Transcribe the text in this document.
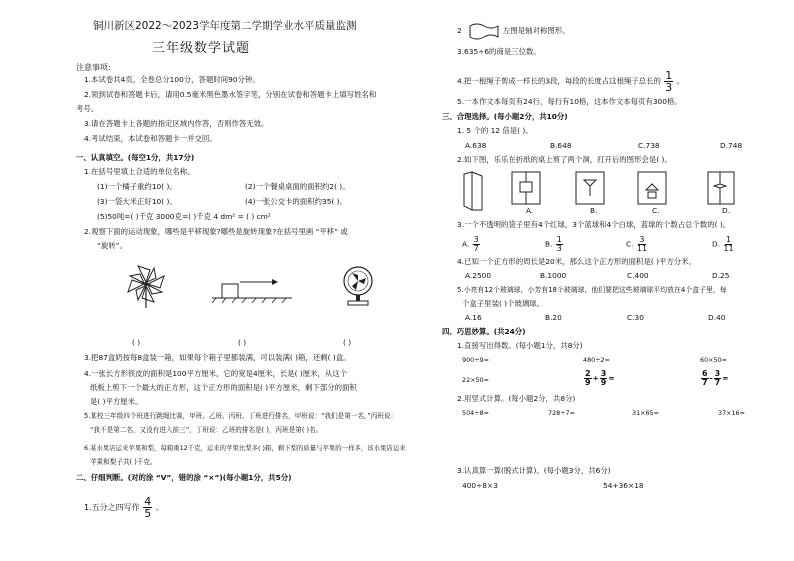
铜川新区2022～2023学年度第二学期学业水平质量监测
三年级数学试题
注意事项:
1.本试卷共4页，全卷总分100分，答题时间90分钟。
2.领到试卷和答题卡后，请用0.5毫米黑色墨水签字笔，分别在试卷和答题卡上填写姓名和
考号。
3.请在答题卡上各题的指定区域内作答，否则作答无效。
4.考试结束，本试卷和答题卡一并交回。
一、认真填空。(每空1分，共17分)
1.在括号里填上合适的单位名称。
(1)一个橘子重约10( )。	(2)一个餐桌桌面的面积约2( )。
(3)一袋大米正好10( )。	(4)一张公交卡的面积约35( )。
(5)50吨=( )千克 3000克=( )千克 4 dm² = ( ) cm²
2.观察下面的运动现象，哪些是平移现象?哪些是旋转现象?在括号里画 “平移” 或
“旋转”。
( )	( )	( )
3.把87盒奶按每8盒装一箱，如果每个箱子里都装满，可以装满( )箱，还剩( )盒。
4.一张长方形铁皮的面积是100平方厘米，它的宽是4厘米，长是( )厘米，从这个
纸板上剪下一个最大的正方形，这个正方形的面积是( )平方厘米，剩下部分的面积
是( )平方厘米。
5.某校三年级四个班进行跳绳比赛，甲班、乙班、丙班、丁班进行排名，甲班说：“我们是第一名，”丙班说：
“我不是第二名，又没有进入前三”，丁班说：乙班的排名是( )，丙班是第( )名。
6.某水果店运来苹果和梨，每箱重12千克，运来的苹果比梨多( )箱，剩下梨的质量与苹果的一样多，该水果店运来
苹果和梨子共( )千克。
二、仔细判断。(对的涂 “V”，错的涂 “×”)(每小题1分，共5分)
1.五分之四写作 $\frac{4}{5}$ 。
2	左图是轴对称图形。
3.635÷6的商是三位数。
4.把一根绳子剪成一样长的3段，每段的长度占这根绳子总长的 $\frac{1}{3}$ 。
5.一本作文本每页有24行，每行有10格，这本作文本每页有300格。
三、合理选择。(每小题2分，共10分)
1. 5 个的 12 倍是( )。
A.638	B.648	C.738	D.748
2.如下图，乐乐在折纸的桌上剪了两个洞，打开后的图形会是( )。
A.	B.	C.	D.
3.一个不透明的袋子里有4个红球，3个蓝球和4个白球，蓝球的个数占总个数的( )。
A. $\frac{3}{7}$	B. $\frac{1}{3}$	C. $\frac{3}{11}$	D. $\frac{1}{11}$
4.已知一个正方形的周长是20米，那么这个正方形的面积是( )平方分米。
A.2500	B.1000	C.400	D.25
5.小亮有12个玻璃球，小芳有18个玻璃球，他们要把这些玻璃球平均放在4个盒子里，每
个盒子里装( )个玻璃球。
A.16	B.20	C.30	D.40
四、巧思妙算。(共24分)
1.直接写出得数。(每小题1分，共8分)
900÷9=	480÷2=	60×50=
22×50=	$\frac{2}{9} + \frac{3}{9}$ =	$\frac{6}{7} - \frac{3}{7}$ =
2.用竖式计算。(每小题2分，共8分)
504÷8=	728÷7=	31×65=	37×16=
3.认真算一算(脱式计算)。(每小题3分，共6分)
400÷8×3	54+36×18
